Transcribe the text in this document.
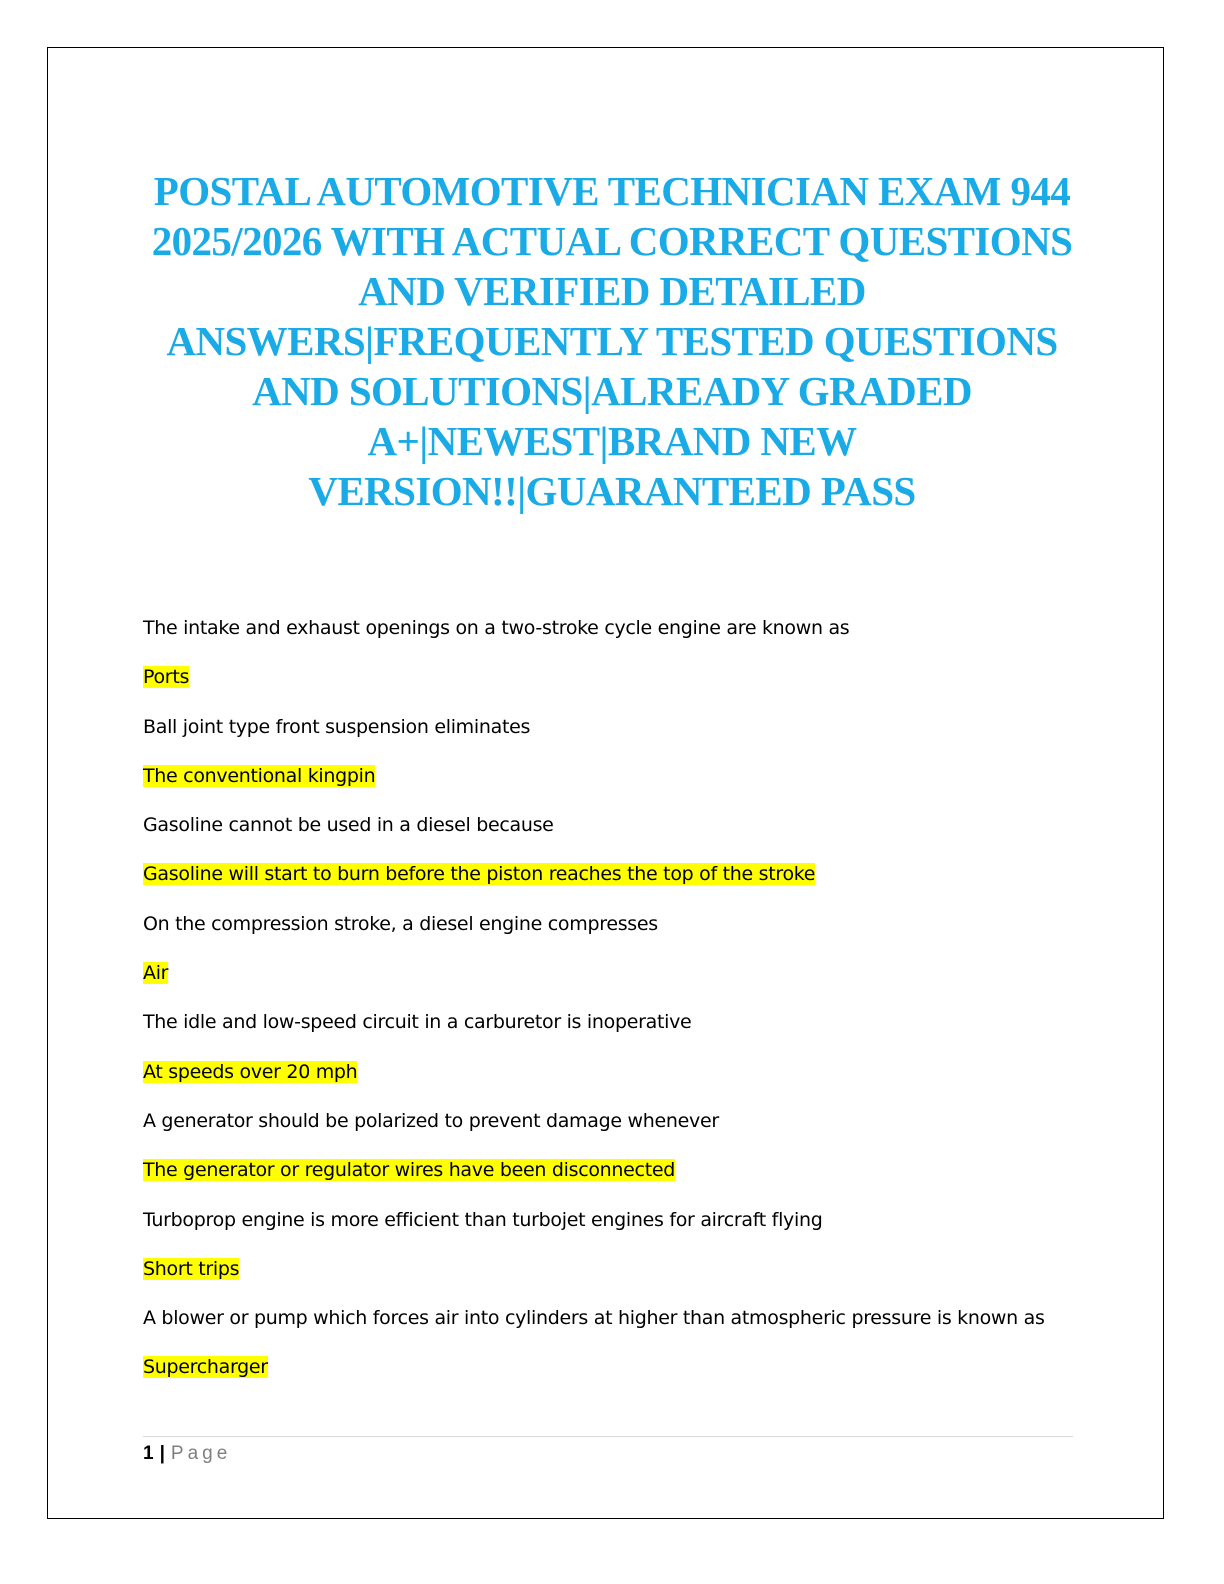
POSTAL AUTOMOTIVE TECHNICIAN EXAM 944 2025/2026 WITH ACTUAL CORRECT QUESTIONS AND VERIFIED DETAILED ANSWERS|FREQUENTLY TESTED QUESTIONS AND SOLUTIONS|ALREADY GRADED A+|NEWEST|BRAND NEW VERSION!!|GUARANTEED PASS

The intake and exhaust openings on a two-stroke cycle engine are known as

Ports

Ball joint type front suspension eliminates

The conventional kingpin

Gasoline cannot be used in a diesel because

Gasoline will start to burn before the piston reaches the top of the stroke

On the compression stroke, a diesel engine compresses

Air

The idle and low-speed circuit in a carburetor is inoperative

At speeds over 20 mph

A generator should be polarized to prevent damage whenever

The generator or regulator wires have been disconnected

Turboprop engine is more efficient than turbojet engines for aircraft flying

Short trips

A blower or pump which forces air into cylinders at higher than atmospheric pressure is known as

Supercharger

1 | Page
